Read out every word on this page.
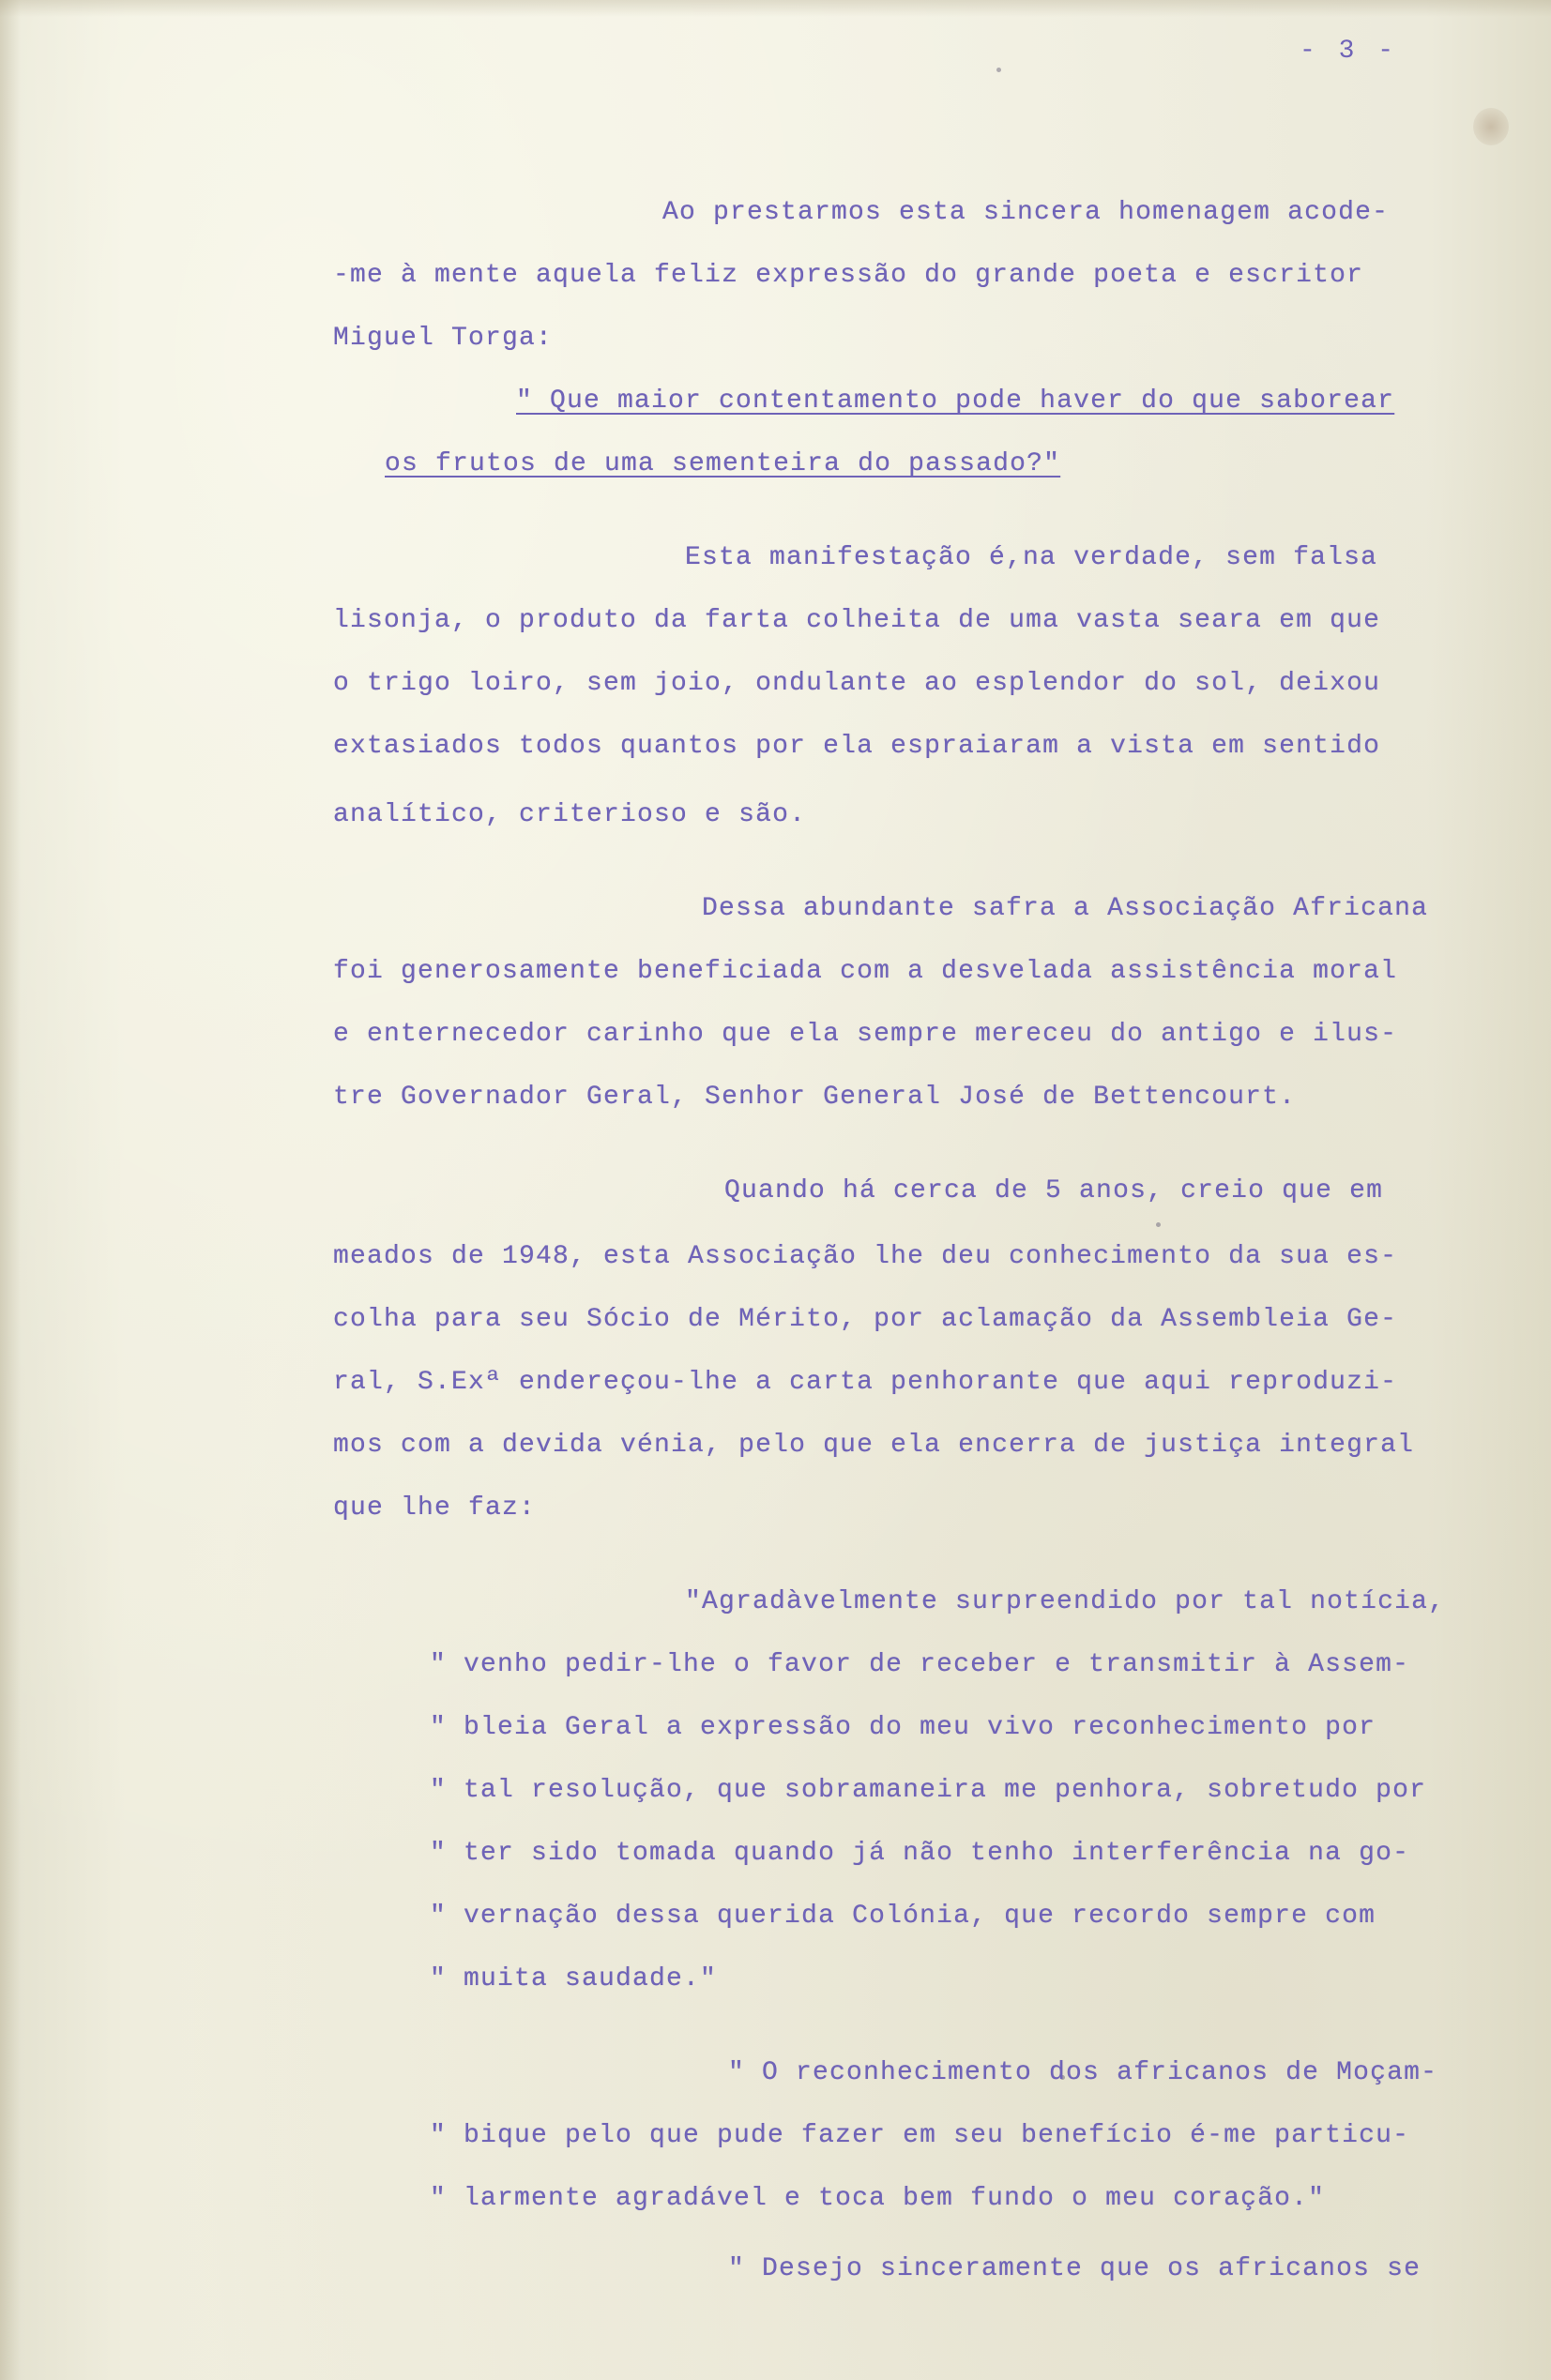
- 3 -

Ao prestarmos esta sincera homenagem acode-

-me à mente aquela feliz expressão do grande poeta e escritor

Miguel Torga:

" Que maior contentamento pode haver do que saborear

os frutos de uma sementeira do passado?"

Esta manifestação é,na verdade, sem falsa

lisonja, o produto da farta colheita de uma vasta seara em que

o trigo loiro, sem joio, ondulante ao esplendor do sol, deixou

extasiados todos quantos por ela espraiaram a vista em sentido

analítico, criterioso e são.

Dessa abundante safra a Associação Africana

foi generosamente beneficiada com a desvelada assistência moral

e enternecedor carinho que ela sempre mereceu do antigo e ilus-

tre Governador Geral, Senhor General José de Bettencourt.

Quando há cerca de 5 anos, creio que em

meados de 1948, esta Associação lhe deu conhecimento da sua es-

colha para seu Sócio de Mérito, por aclamação da Assembleia Ge-

ral, S.Exª endereçou-lhe a carta penhorante que aqui reproduzi-

mos com a devida vénia, pelo que ela encerra de justiça integral

que lhe faz:

"Agradàvelmente surpreendido por tal notícia,

" venho pedir-lhe o favor de receber e transmitir à Assem-

" bleia Geral a expressão do meu vivo reconhecimento por

" tal resolução, que sobramaneira me penhora, sobretudo por

" ter sido tomada quando já não tenho interferência na go-

" vernação dessa querida Colónia, que recordo sempre com

" muita saudade."

" O reconhecimento dos africanos de Moçam-

" bique pelo que pude fazer em seu benefício é-me particu-

" larmente agradável e toca bem fundo o meu coração."

" Desejo sinceramente que os africanos se
